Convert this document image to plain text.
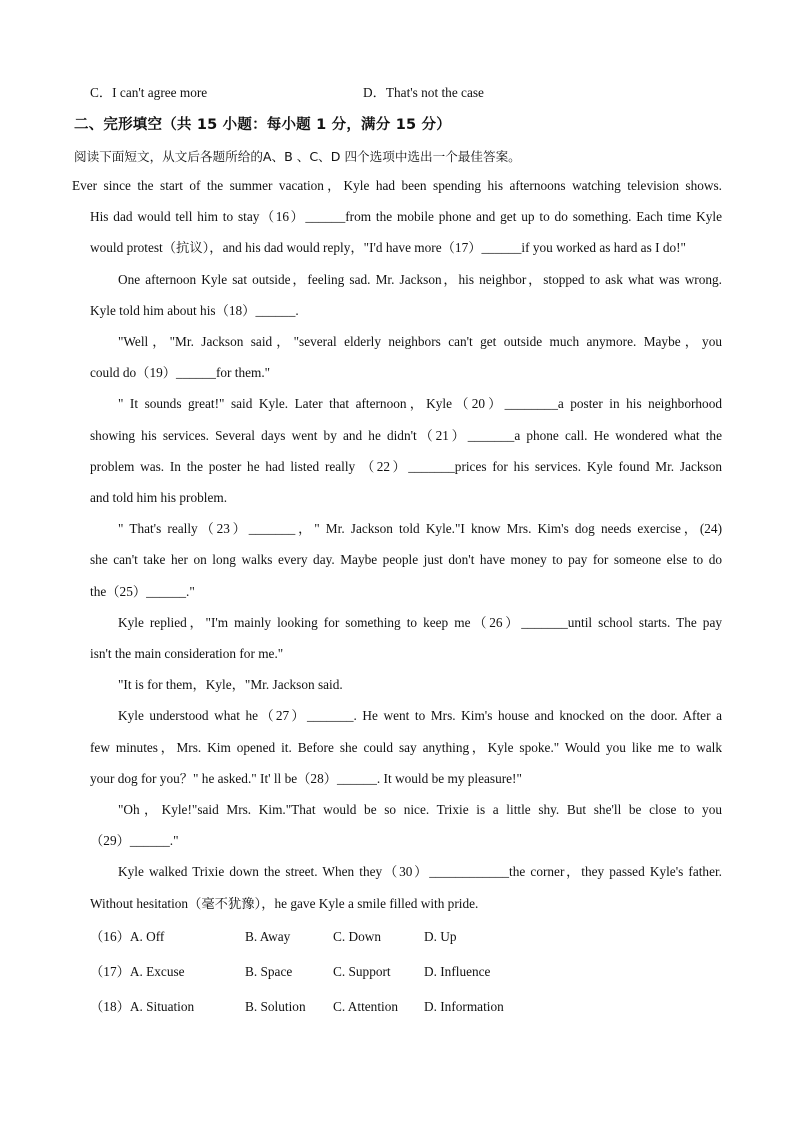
C．I can't agree more	D．That's not the case
二、完形填空（共 15 小题：每小题 1 分，满分 15 分）
阅读下面短文，从文后各题所给的A、B 、C、D 四个选项中选出一个最佳答案。
Ever since the start of the summer vacation，Kyle had been spending his afternoons watching television shows.
His dad would tell him to stay（16）______from the mobile phone and get up to do something. Each time Kyle
would protest（抗议），and his dad would reply，"I'd have more（17）______if you worked as hard as I do!"
One afternoon Kyle sat outside，feeling sad. Mr. Jackson，his neighbor，stopped to ask what was wrong.
Kyle told him about his（18）______.
"Well，"Mr. Jackson said，"several elderly neighbors can't get outside much anymore. Maybe，you
could do（19）______for them."
" It sounds great!" said Kyle. Later that afternoon，Kyle（20）________a poster in his neighborhood
showing his services. Several days went by and he didn't（21）_______a phone call. He wondered what the
problem was. In the poster he had listed really （22）_______prices for his services. Kyle found Mr. Jackson
and told him his problem.
" That's really（23）_______，" Mr. Jackson told Kyle."I know Mrs. Kim's dog needs exercise，(24)
she can't take her on long walks every day. Maybe people just don't have money to pay for someone else to do
the（25）______."
Kyle replied，"I'm mainly looking for something to keep me（26）_______until school starts. The pay
isn't the main consideration for me."
"It is for them，Kyle，"Mr. Jackson said.
Kyle understood what he（27）_______. He went to Mrs. Kim's house and knocked on the door. After a
few minutes，Mrs. Kim opened it. Before she could say anything，Kyle spoke." Would you like me to walk
your dog for you？" he asked." It' ll be（28）______. It would be my pleasure!"
"Oh，Kyle!"said Mrs. Kim."That would be so nice. Trixie is a little shy. But she'll be close to you
（29）______."
Kyle walked Trixie down the street. When they（30）____________the corner，they passed Kyle's father.
Without hesitation（毫不犹豫），he gave Kyle a smile filled with pride.
（16）A. Off	B. Away	C. Down	D. Up
（17）A. Excuse	B. Space	C. Support	D. Influence
（18）A. Situation	B. Solution C. Attention D. Information
